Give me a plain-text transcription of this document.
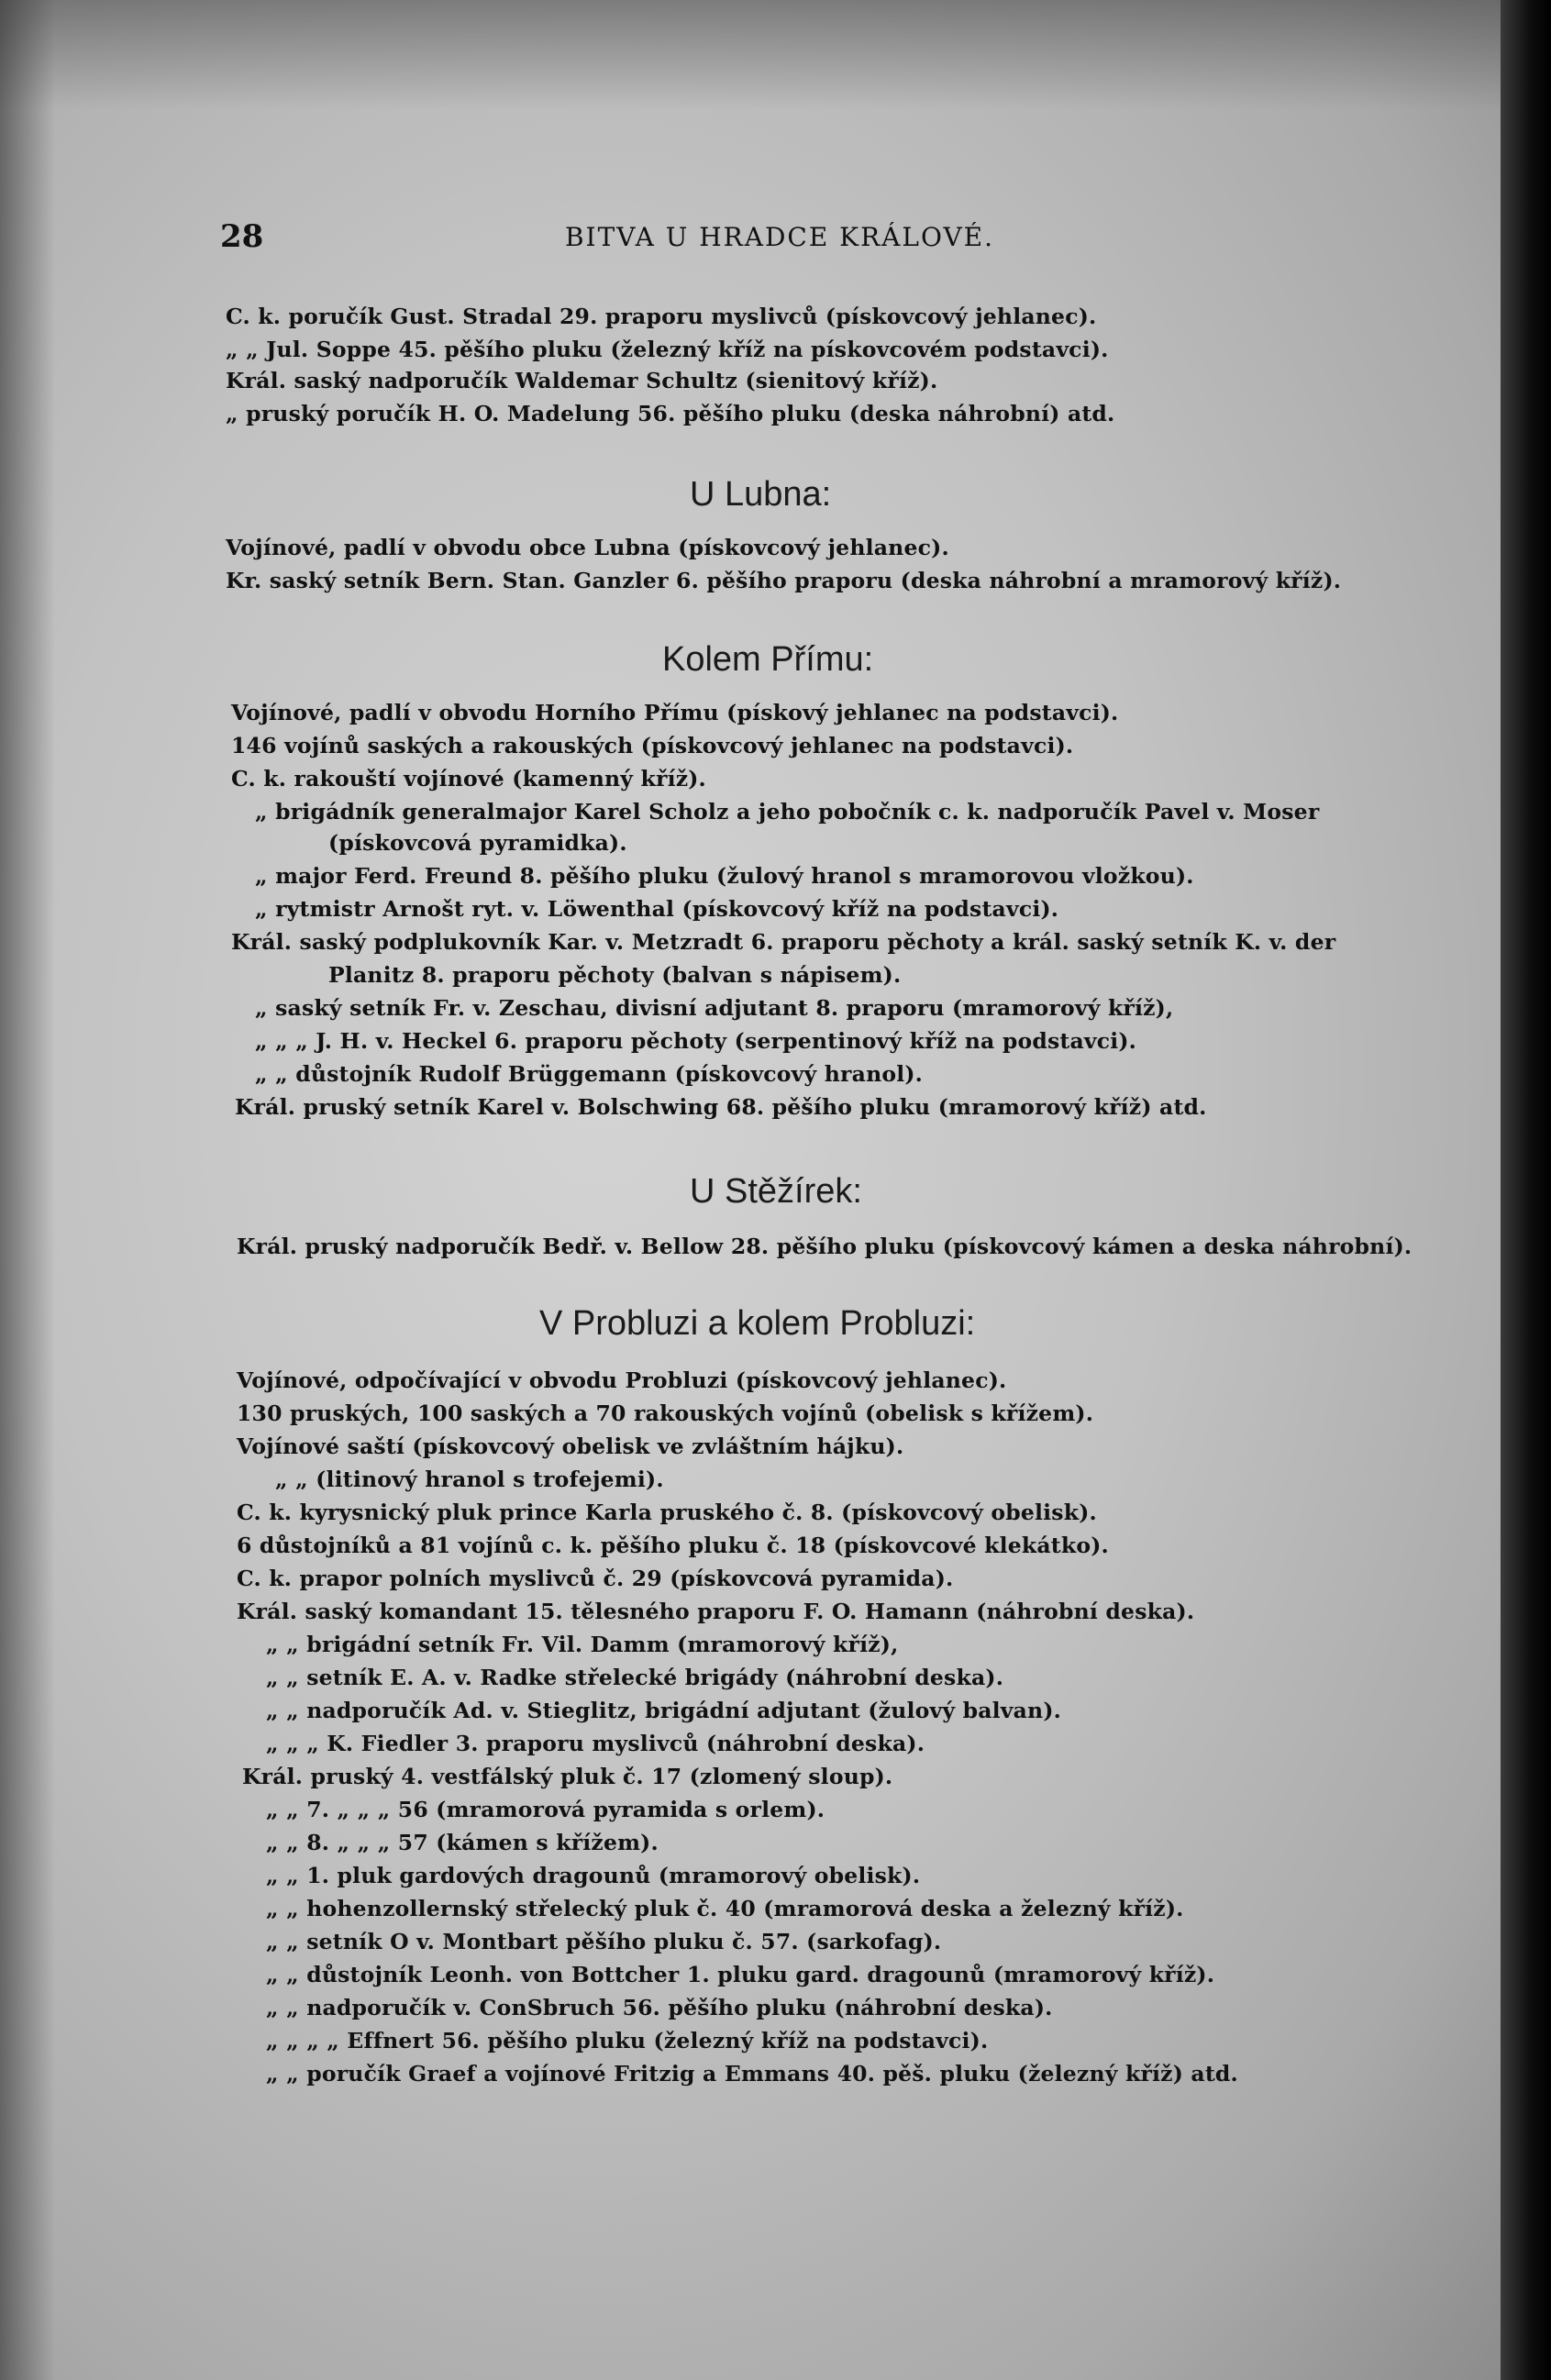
28	BITVA U HRADCE KRÁLOVÉ.
C. k. poručík Gust. Stradal 29. praporu myslivců (pískovcový jehlanec).
„ „ Jul. Soppe 45. pěšího pluku (železný kříž na pískovcovém podstavci).
Král. saský nadporučík Waldemar Schultz (sienitový kříž).
„ pruský poručík H. O. Madelung 56. pěšího pluku (deska náhrobní) atd.
U Lubna:
Vojínové, padlí v obvodu obce Lubna (pískovcový jehlanec).
Kr. saský setník Bern. Stan. Ganzler 6. pěšího praporu (deska náhrobní a mramorový kříž).
Kolem Přímu:
Vojínové, padlí v obvodu Horního Přímu (pískový jehlanec na podstavci).
146 vojínů saských a rakouských (pískovcový jehlanec na podstavci).
C. k. rakouští vojínové (kamenný kříž).
„ brigádník generalmajor Karel Scholz a jeho pobočník c. k. nadporučík Pavel v. Moser
(pískovcová pyramidka).
„ major Ferd. Freund 8. pěšího pluku (žulový hranol s mramorovou vložkou).
„ rytmistr Arnošt ryt. v. Löwenthal (pískovcový kříž na podstavci).
Král. saský podplukovník Kar. v. Metzradt 6. praporu pěchoty a král. saský setník K. v. der
Planitz 8. praporu pěchoty (balvan s nápisem).
„ saský setník Fr. v. Zeschau, divisní adjutant 8. praporu (mramorový kříž),
„ „ „ J. H. v. Heckel 6. praporu pěchoty (serpentinový kříž na podstavci).
„ „ důstojník Rudolf Brüggemann (pískovcový hranol).
Král. pruský setník Karel v. Bolschwing 68. pěšího pluku (mramorový kříž) atd.
U Stěžírek:
Král. pruský nadporučík Bedř. v. Bellow 28. pěšího pluku (pískovcový kámen a deska náhrobní).
V Probluzi a kolem Probluzi:
Vojínové, odpočívající v obvodu Probluzi (pískovcový jehlanec).
130 pruských, 100 saských a 70 rakouských vojínů (obelisk s křížem).
Vojínové saští (pískovcový obelisk ve zvláštním hájku).
„ „ (litinový hranol s trofejemi).
C. k. kyrysnický pluk prince Karla pruského č. 8. (pískovcový obelisk).
6 důstojníků a 81 vojínů c. k. pěšího pluku č. 18 (pískovcové klekátko).
C. k. prapor polních myslivců č. 29 (pískovcová pyramida).
Král. saský komandant 15. tělesného praporu F. O. Hamann (náhrobní deska).
„ „ brigádní setník Fr. Vil. Damm (mramorový kříž),
„ „ setník E. A. v. Radke střelecké brigády (náhrobní deska).
„ „ nadporučík Ad. v. Stieglitz, brigádní adjutant (žulový balvan).
„ „ „ K. Fiedler 3. praporu myslivců (náhrobní deska).
Král. pruský 4. vestfálský pluk č. 17 (zlomený sloup).
„ „ 7. „ „ „ 56 (mramorová pyramida s orlem).
„ „ 8. „ „ „ 57 (kámen s křížem).
„ „ 1. pluk gardových dragounů (mramorový obelisk).
„ „ hohenzollernský střelecký pluk č. 40 (mramorová deska a železný kříž).
„ „ setník O v. Montbart pěšího pluku č. 57. (sarkofag).
„ „ důstojník Leonh. von Bottcher 1. pluku gard. dragounů (mramorový kříž).
„ „ nadporučík v. ConSbruch 56. pěšího pluku (náhrobní deska).
„ „ „ „ Effnert 56. pěšího pluku (železný kříž na podstavci).
„ „ poručík Graef a vojínové Fritzig a Emmans 40. pěš. pluku (železný kříž) atd.
